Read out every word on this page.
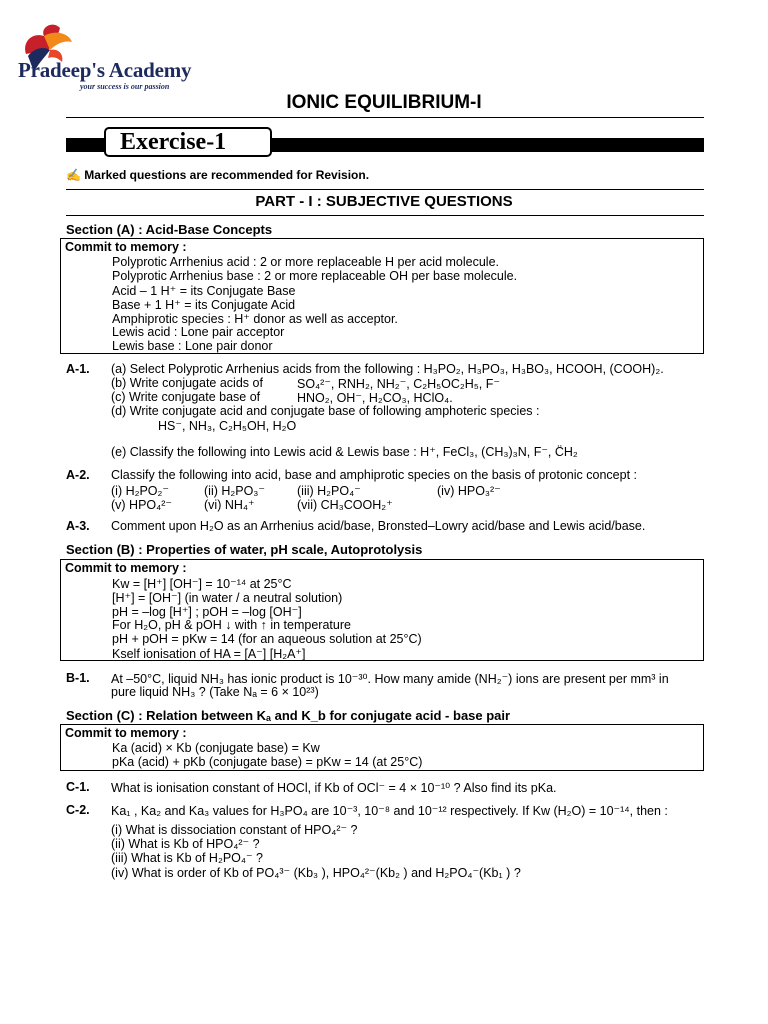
Pradeep's Academy
your success is our passion
IONIC EQUILIBRIUM-I
Exercise-1
✍ Marked questions are recommended for Revision.
PART - I : SUBJECTIVE QUESTIONS
Section (A) : Acid-Base Concepts
Commit to memory :
Polyprotic Arrhenius acid : 2 or more replaceable H per acid molecule.
Polyprotic Arrhenius base : 2 or more replaceable OH per base molecule.
Acid – 1 H⁺ = its Conjugate Base
Base + 1 H⁺ = its Conjugate Acid
Amphiprotic species : H⁺ donor as well as acceptor.
Lewis acid : Lone pair acceptor
Lewis base : Lone pair donor
A-1. (a) Select Polyprotic Arrhenius acids from the following : H₃PO₂, H₃PO₃, H₃BO₃, HCOOH, (COOH)₂.
(b) Write conjugate acids of	SO₄²⁻, RNH₂, NH₂⁻, C₂H₅OC₂H₅, F⁻
(c) Write conjugate base of	HNO₂, OH⁻, H₂CO₃, HClO₄.
(d) Write conjugate acid and conjugate base of following amphoteric species :
HS⁻, NH₃, C₂H₅OH, H₂O
(e) Classify the following into Lewis acid & Lewis base : H⁺, FeCl₃, (CH₃)₃N, F⁻, C̈H₂
A-2. Classify the following into acid, base and amphiprotic species on the basis of protonic concept :
(i) H₂PO₂⁻	(ii) H₂PO₃⁻	(iii) H₂PO₄⁻	(iv) HPO₃²⁻
(v) HPO₄²⁻	(vi) NH₄⁺	(vii) CH₃COOH₂⁺
A-3. Comment upon H₂O as an Arrhenius acid/base, Bronsted–Lowry acid/base and Lewis acid/base.
Section (B) : Properties of water, pH scale, Autoprotolysis
Commit to memory :
Kw = [H⁺] [OH⁻] = 10⁻¹⁴ at 25°C
[H⁺] = [OH⁻] (in water / a neutral solution)
pH = –log [H⁺] ; pOH = –log [OH⁻]
For H₂O, pH & pOH ↓ with ↑ in temperature
pH + pOH = pKw = 14 (for an aqueous solution at 25°C)
Kself ionisation of HA = [A⁻] [H₂A⁺]
B-1. At –50°C, liquid NH₃ has ionic product is 10⁻³⁰. How many amide (NH₂⁻) ions are present per mm³ in
pure liquid NH₃ ? (Take Nₐ = 6 × 10²³)
Section (C) : Relation between Kₐ and K_b for conjugate acid - base pair
Commit to memory :
Ka (acid) × Kb (conjugate base) = Kw
pKa (acid) + pKb (conjugate base) = pKw = 14 (at 25°C)
C-1. What is ionisation constant of HOCl, if Kb of OCl⁻ = 4 × 10⁻¹⁰ ? Also find its pKa.
C-2. Ka₁ , Ka₂ and Ka₃ values for H₃PO₄ are 10⁻³, 10⁻⁸ and 10⁻¹² respectively. If Kw (H₂O) = 10⁻¹⁴, then :
(i) What is dissociation constant of HPO₄²⁻ ?
(ii) What is Kb of HPO₄²⁻ ?
(iii) What is Kb of H₂PO₄⁻ ?
(iv) What is order of Kb of PO₄³⁻ (Kb₃ ), HPO₄²⁻(Kb₂ ) and H₂PO₄⁻(Kb₁ ) ?
